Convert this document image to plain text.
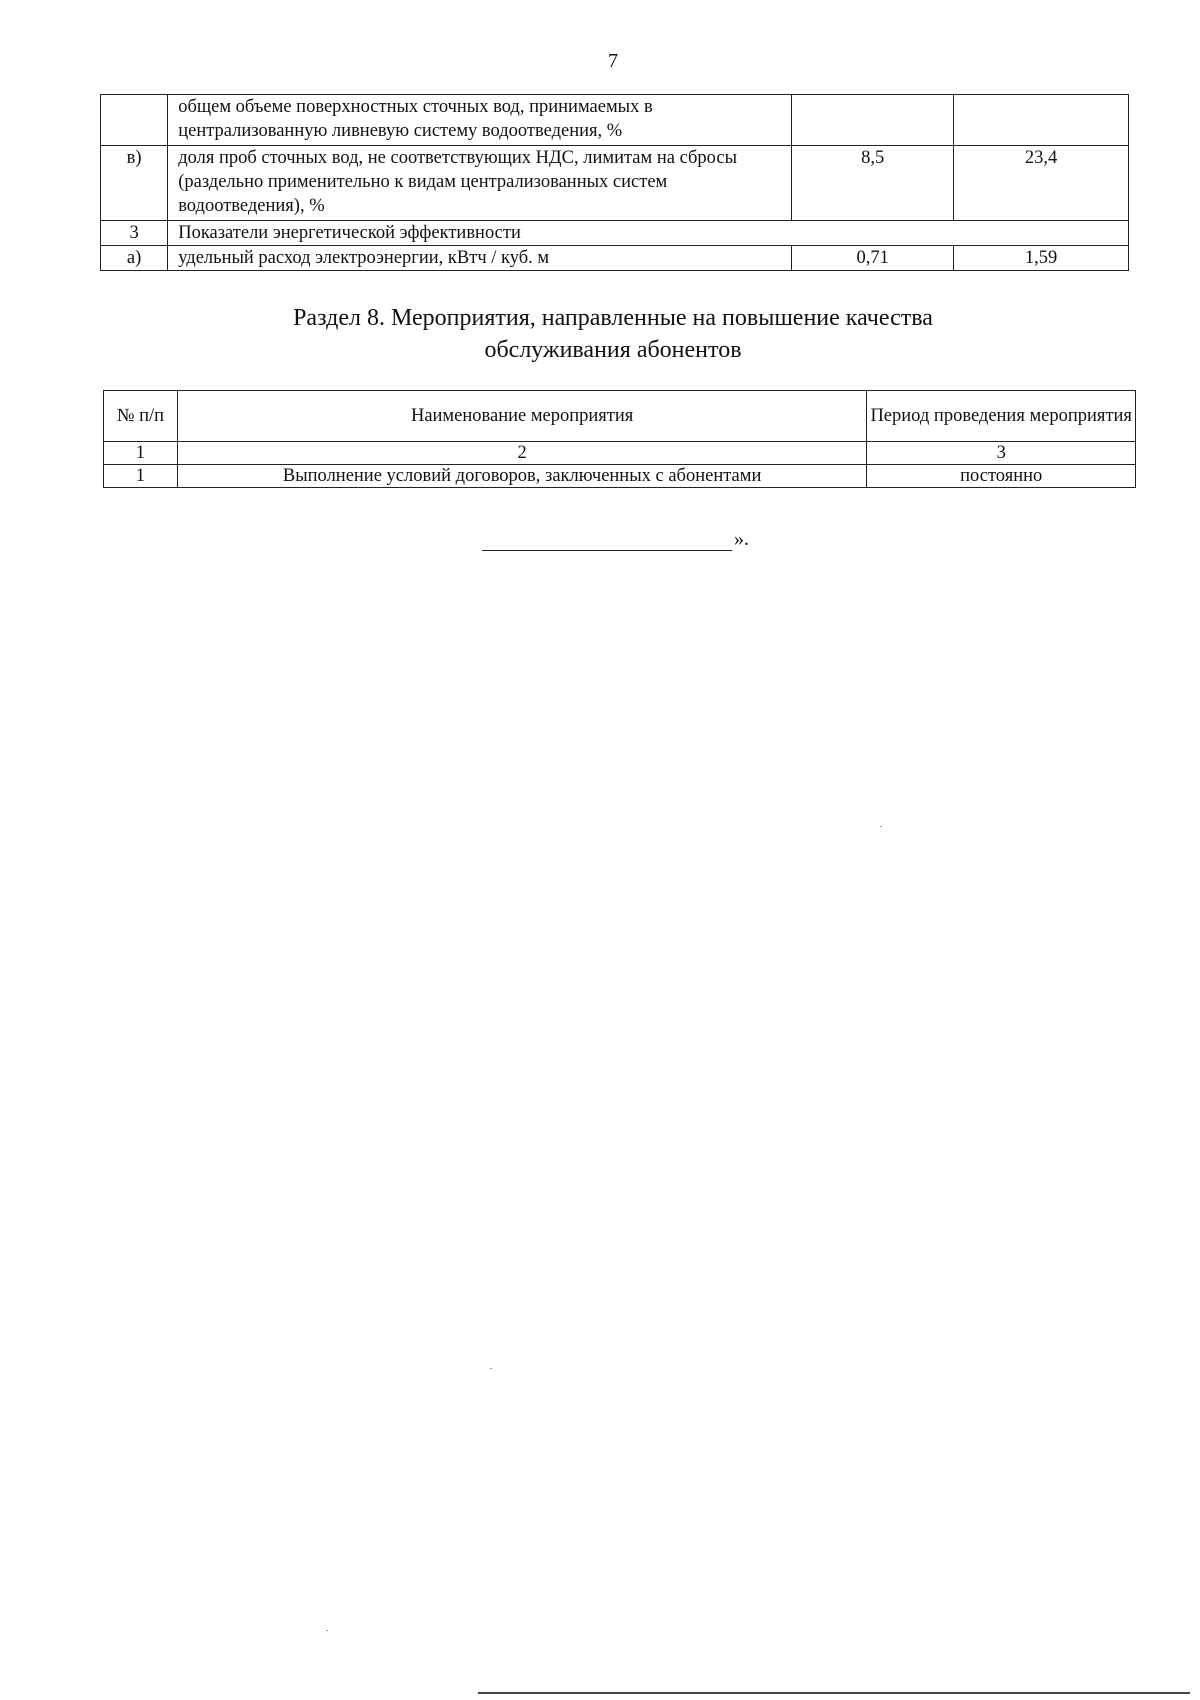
7
	общем объеме поверхностных сточных вод, принимаемых в централизованную ливневую систему водоотведения, %		
в)	доля проб сточных вод, не соответствующих НДС, лимитам на сбросы (раздельно применительно к видам централизованных систем водоотведения), %	8,5	23,4
3	Показатели энергетической эффективности		
а)	удельный расход электроэнергии, кВтч / куб. м	0,71	1,59
Раздел 8. Мероприятия, направленные на повышение качества
обслуживания абонентов
№ п/п	Наименование мероприятия	Период проведения мероприятия
1	2	3
1	Выполнение условий договоров, заключенных с абонентами	постоянно
».
